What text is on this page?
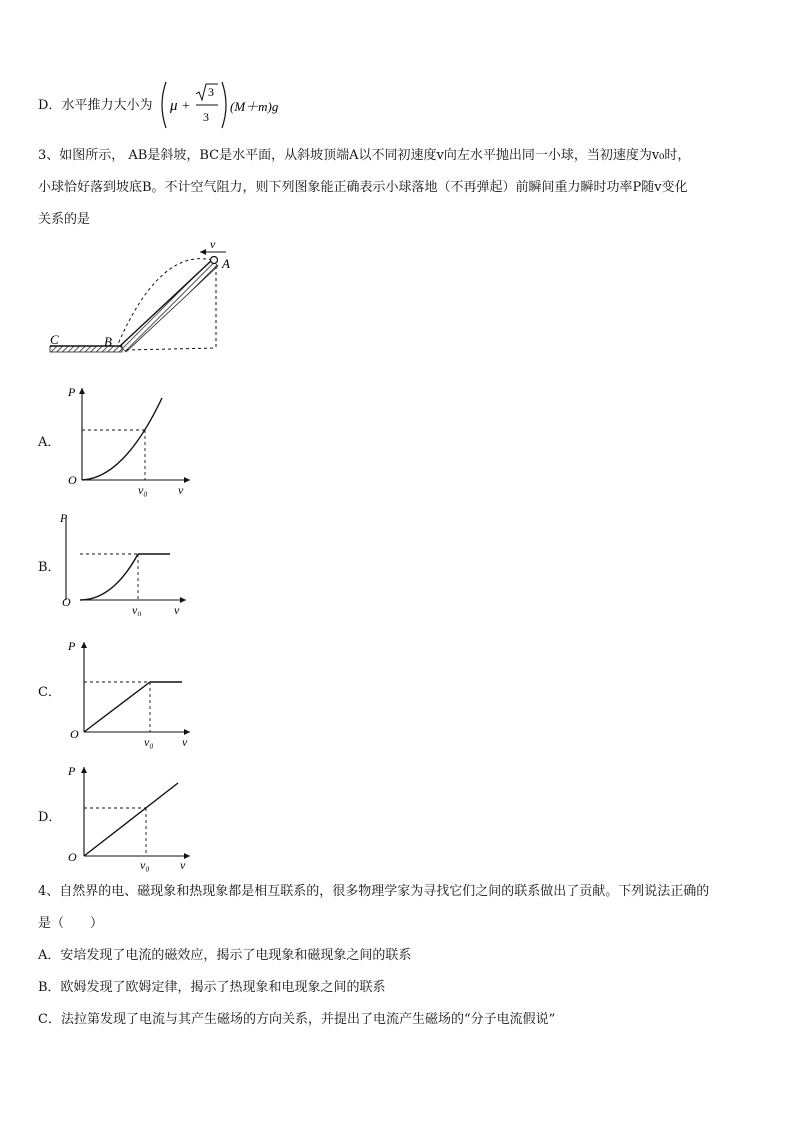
D．水平推力大小为 μ +
3
3
(M＋m)g
3、如图所示， AB是斜坡，BC是水平面，从斜坡顶端A以不同初速度v向左水平抛出同一小球，当初速度为v₀时，
小球恰好落到坡底B。不计空气阻力，则下列图象能正确表示小球落地（不再弹起）前瞬间重力瞬时功率P随v变化
关系的是
v
A
B
C
A．
P
O
v₀	v
B．
P
O
v₀	v
C．
P
O
v₀ v
D．
P
O
v₀	v
4、自然界的电、磁现象和热现象都是相互联系的，很多物理学家为寻找它们之间的联系做出了贡献。下列说法正确的
是（　　）
A．安培发现了电流的磁效应，揭示了电现象和磁现象之间的联系
B．欧姆发现了欧姆定律，揭示了热现象和电现象之间的联系
C．法拉第发现了电流与其产生磁场的方向关系，并提出了电流产生磁场的“分子电流假说”
